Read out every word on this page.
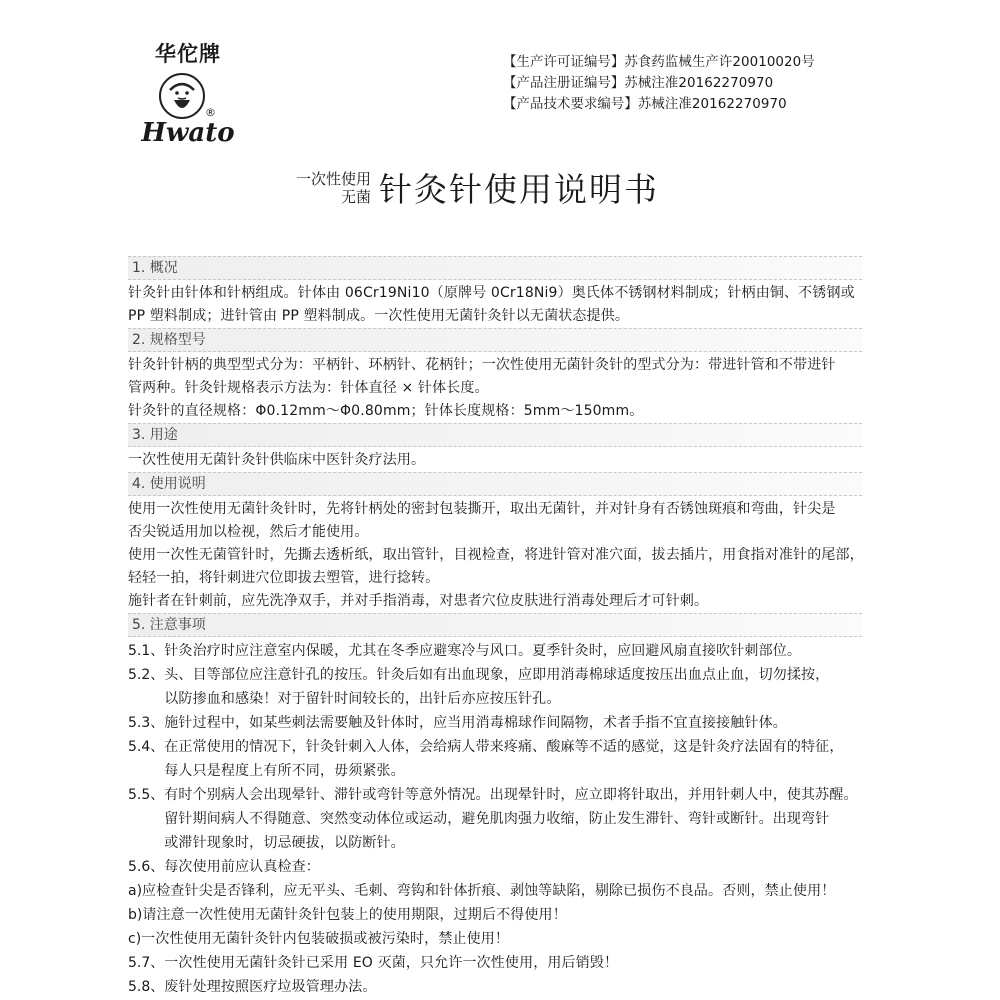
华佗牌
®
Hwato
【生产许可证编号】苏食药监械生产许20010020号
【产品注册证编号】苏械注准20162270970
【产品技术要求编号】苏械注准20162270970
一次性使用
无菌 针灸针使用说明书
1. 概况
针灸针由针体和针柄组成。针体由 06Cr19Ni10（原牌号 0Cr18Ni9）奥氏体不锈钢材料制成；针柄由铜、不锈钢或
PP 塑料制成；进针管由 PP 塑料制成。一次性使用无菌针灸针以无菌状态提供。
2. 规格型号
针灸针针柄的典型型式分为：平柄针、环柄针、花柄针；一次性使用无菌针灸针的型式分为：带进针管和不带进针
管两种。针灸针规格表示方法为：针体直径 × 针体长度。
针灸针的直径规格：Φ0.12mm～Φ0.80mm；针体长度规格：5mm～150mm。
3. 用途
一次性使用无菌针灸针供临床中医针灸疗法用。
4. 使用说明
使用一次性使用无菌针灸针时，先将针柄处的密封包装撕开，取出无菌针，并对针身有否锈蚀斑痕和弯曲，针尖是
否尖锐适用加以检视，然后才能使用。
使用一次性无菌管针时，先撕去透析纸，取出管针，目视检查，将进针管对准穴面，拔去插片，用食指对准针的尾部，
轻轻一拍，将针刺进穴位即拔去塑管，进行捻转。
施针者在针刺前，应先洗净双手，并对手指消毒，对患者穴位皮肤进行消毒处理后才可针刺。
5. 注意事项
5.1、 针灸治疗时应注意室内保暖，尤其在冬季应避寒冷与风口。夏季针灸时，应回避风扇直接吹针刺部位。
5.2、 头、目等部位应注意针孔的按压。针灸后如有出血现象，应即用消毒棉球适度按压出血点止血，切勿揉按，
以防掺血和感染！对于留针时间较长的，出针后亦应按压针孔。
5.3、 施针过程中，如某些刺法需要触及针体时，应当用消毒棉球作间隔物，术者手指不宜直接接触针体。
5.4、 在正常使用的情况下，针灸针刺入人体，会给病人带来疼痛、酸麻等不适的感觉，这是针灸疗法固有的特征，
每人只是程度上有所不同，毋须紧张。
5.5、 有时个别病人会出现晕针、滞针或弯针等意外情况。出现晕针时，应立即将针取出，并用针刺人中，使其苏醒。
留针期间病人不得随意、突然变动体位或运动，避免肌肉强力收缩，防止发生滞针、弯针或断针。出现弯针
或滞针现象时，切忌硬拔，以防断针。
5.6、 每次使用前应认真检查：
a) 应检查针尖是否锋利，应无平头、毛刺、弯钩和针体折痕、剥蚀等缺陷，剔除已损伤不良品。否则，禁止使用！
b) 请注意一次性使用无菌针灸针包装上的使用期限，过期后不得使用！
c) 一次性使用无菌针灸针内包装破损或被污染时，禁止使用！
5.7、 一次性使用无菌针灸针已采用 EO 灭菌，只允许一次性使用，用后销毁！
5.8、 废针处理按照医疗垃圾管理办法。
